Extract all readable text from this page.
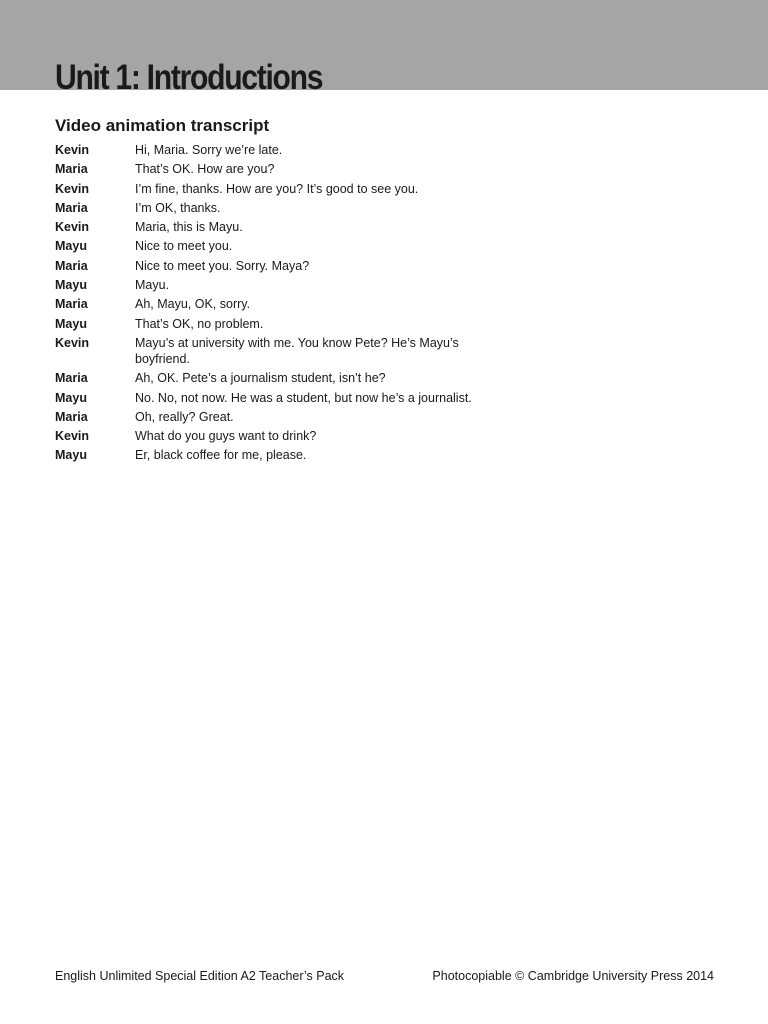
Unit 1: Introductions
Video animation transcript
Kevin	Hi, Maria. Sorry we’re late.
Maria	That’s OK. How are you?
Kevin	I’m fine, thanks. How are you? It’s good to see you.
Maria	I’m OK, thanks.
Kevin	Maria, this is Mayu.
Mayu	Nice to meet you.
Maria	Nice to meet you. Sorry. Maya?
Mayu	Mayu.
Maria	Ah, Mayu, OK, sorry.
Mayu	That’s OK, no problem.
Kevin	Mayu’s at university with me. You know Pete? He’s Mayu’s boyfriend.
Maria	Ah, OK. Pete’s a journalism student, isn’t he?
Mayu	No. No, not now. He was a student, but now he’s a journalist.
Maria	Oh, really? Great.
Kevin	What do you guys want to drink?
Mayu	Er, black coffee for me, please.
English Unlimited Special Edition A2 Teacher’s Pack	Photocopiable © Cambridge University Press 2014
